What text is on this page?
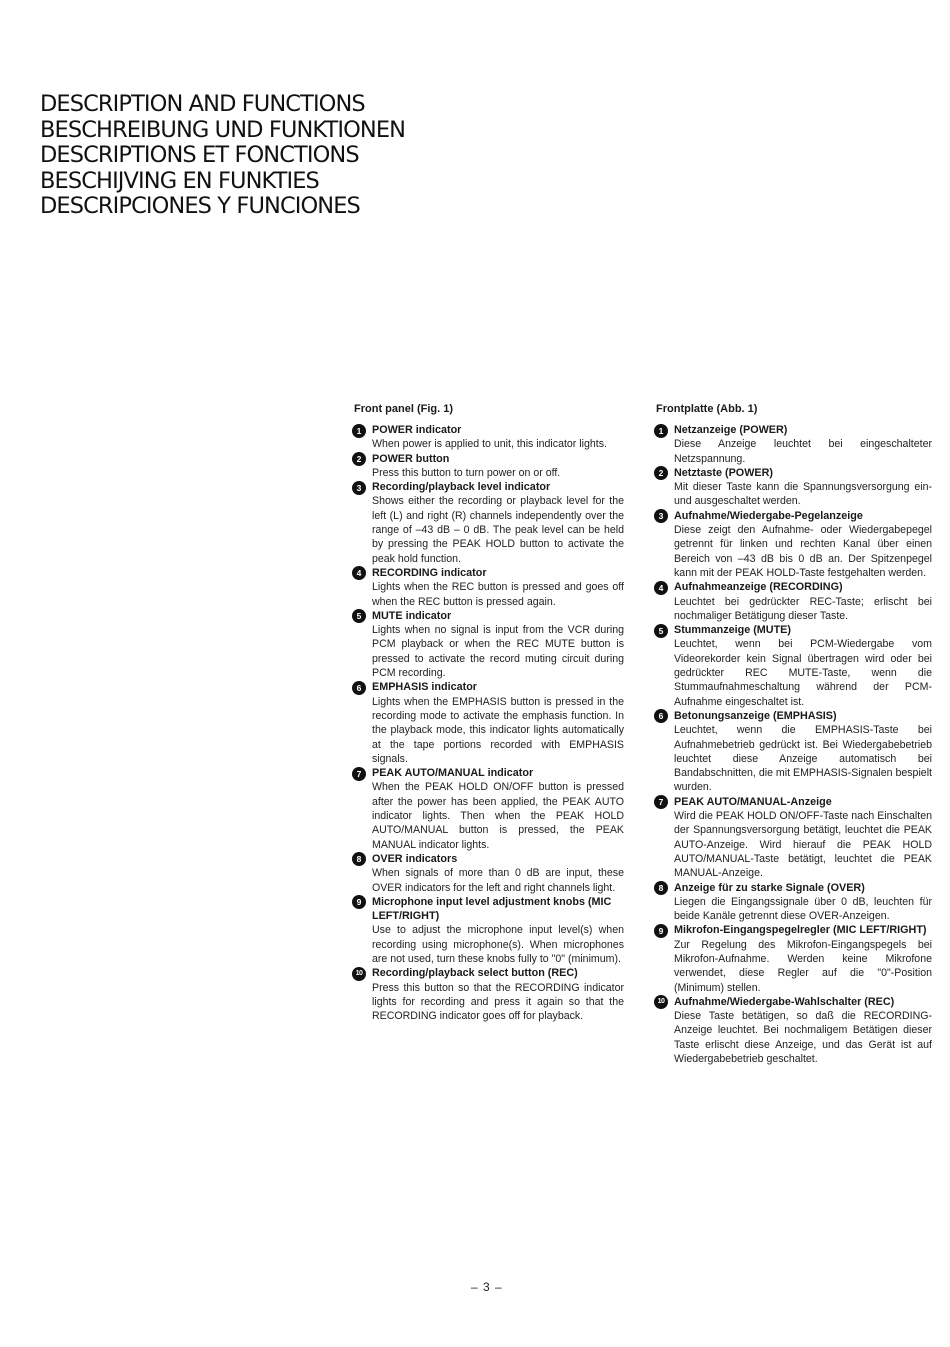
DESCRIPTION AND FUNCTIONS
BESCHREIBUNG UND FUNKTIONEN
DESCRIPTIONS ET FONCTIONS
BESCHIJVING EN FUNKTIES
DESCRIPCIONES Y FUNCIONES
Front panel (Fig. 1)
1 POWER indicator
When power is applied to unit, this indicator lights.
2 POWER button
Press this button to turn power on or off.
3 Recording/playback level indicator
Shows either the recording or playback level for the left (L) and right (R) channels independently over the range of –43 dB – 0 dB. The peak level can be held by pressing the PEAK HOLD button to activate the peak hold function.
4 RECORDING indicator
Lights when the REC button is pressed and goes off when the REC button is pressed again.
5 MUTE indicator
Lights when no signal is input from the VCR during PCM playback or when the REC MUTE button is pressed to activate the record muting circuit during PCM recording.
6 EMPHASIS indicator
Lights when the EMPHASIS button is pressed in the recording mode to activate the emphasis function. In the playback mode, this indicator lights automatically at the tape portions recorded with EMPHASIS signals.
7 PEAK AUTO/MANUAL indicator
When the PEAK HOLD ON/OFF button is pressed after the power has been applied, the PEAK AUTO indicator lights. Then when the PEAK HOLD AUTO/MANUAL button is pressed, the PEAK MANUAL indicator lights.
8 OVER indicators
When signals of more than 0 dB are input, these OVER indicators for the left and right channels light.
9 Microphone input level adjustment knobs (MIC LEFT/RIGHT)
Use to adjust the microphone input level(s) when recording using microphone(s). When microphones are not used, turn these knobs fully to "0" (minimum).
10 Recording/playback select button (REC)
Press this button so that the RECORDING indicator lights for recording and press it again so that the RECORDING indicator goes off for playback.
Frontplatte (Abb. 1)
1 Netzanzeige (POWER)
Diese Anzeige leuchtet bei eingeschalteter Netzspannung.
2 Netztaste (POWER)
Mit dieser Taste kann die Spannungsversorgung ein- und ausgeschaltet werden.
3 Aufnahme/Wiedergabe-Pegelanzeige
Diese zeigt den Aufnahme- oder Wiedergabepegel getrennt für linken und rechten Kanal über einen Bereich von –43 dB bis 0 dB an. Der Spitzenpegel kann mit der PEAK HOLD-Taste festgehalten werden.
4 Aufnahmeanzeige (RECORDING)
Leuchtet bei gedrückter REC-Taste; erlischt bei nochmaliger Betätigung dieser Taste.
5 Stummanzeige (MUTE)
Leuchtet, wenn bei PCM-Wiedergabe vom Videorekorder kein Signal übertragen wird oder bei gedrückter REC MUTE-Taste, wenn die Stummaufnahmeschaltung während der PCM-Aufnahme eingeschaltet ist.
6 Betonungsanzeige (EMPHASIS)
Leuchtet, wenn die EMPHASIS-Taste bei Aufnahmebetrieb gedrückt ist. Bei Wiedergabebetrieb leuchtet diese Anzeige automatisch bei Bandabschnitten, die mit EMPHASIS-Signalen bespielt wurden.
7 PEAK AUTO/MANUAL-Anzeige
Wird die PEAK HOLD ON/OFF-Taste nach Einschalten der Spannungsversorgung betätigt, leuchtet die PEAK AUTO-Anzeige. Wird hierauf die PEAK HOLD AUTO/MANUAL-Taste betätigt, leuchtet die PEAK MANUAL-Anzeige.
8 Anzeige für zu starke Signale (OVER)
Liegen die Eingangssignale über 0 dB, leuchten für beide Kanäle getrennt diese OVER-Anzeigen.
9 Mikrofon-Eingangspegelregler (MIC LEFT/RIGHT)
Zur Regelung des Mikrofon-Eingangspegels bei Mikrofon-Aufnahme. Werden keine Mikrofone verwendet, diese Regler auf die "0"-Position (Minimum) stellen.
10 Aufnahme/Wiedergabe-Wahlschalter (REC)
Diese Taste betätigen, so daß die RECORDING-Anzeige leuchtet. Bei nochmaligem Betätigen dieser Taste erlischt diese Anzeige, und das Gerät ist auf Wiedergabebetrieb geschaltet.
– 3 –
